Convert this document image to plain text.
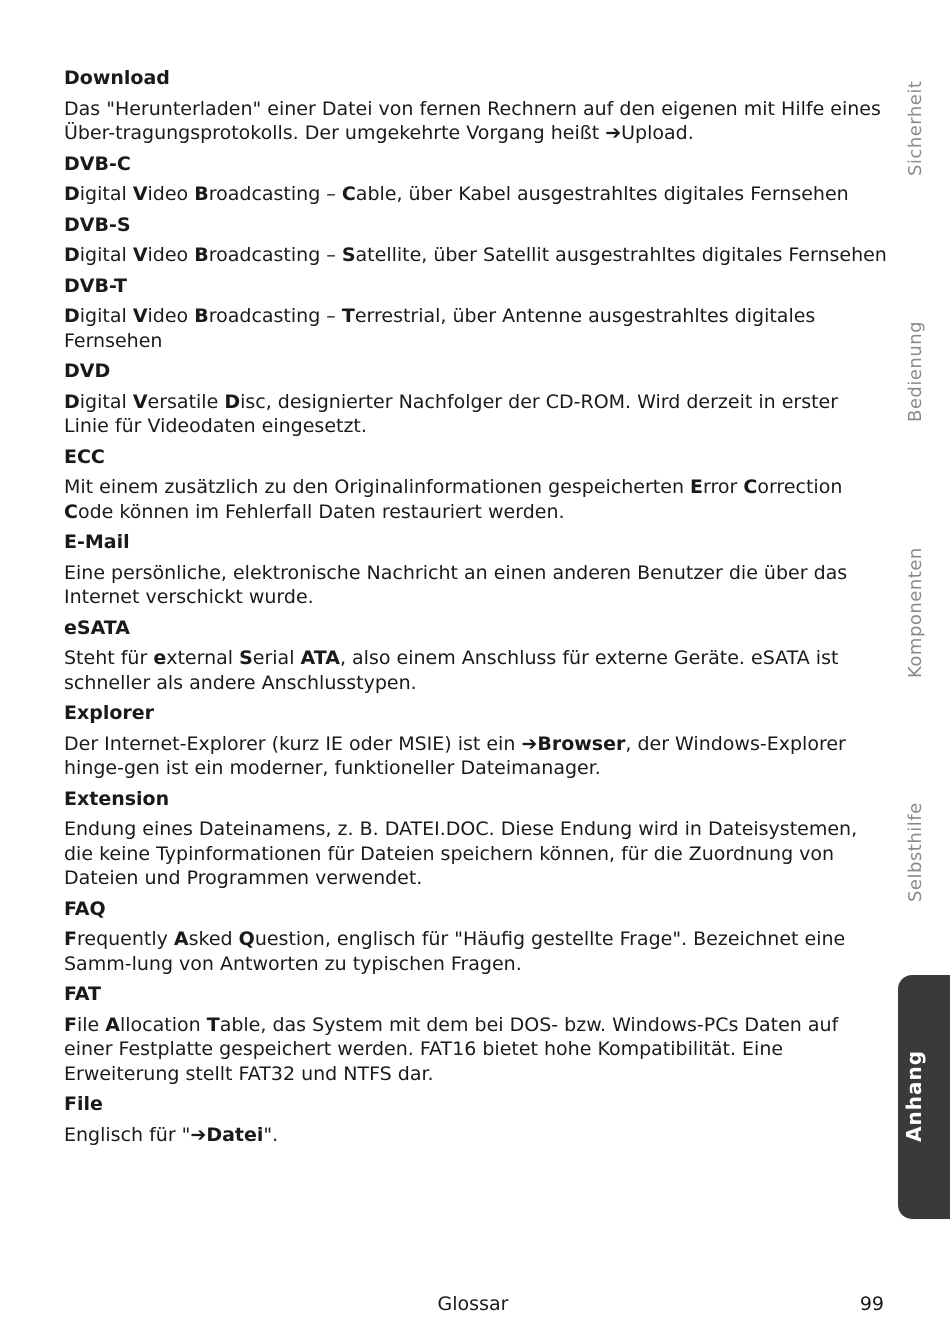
Download

Das "Herunterladen" einer Datei von fernen Rechnern auf den eigenen mit Hilfe eines Über-tragungsprotokolls. Der umgekehrte Vorgang heißt ➔Upload.

DVB-C

Digital Video Broadcasting – Cable, über Kabel ausgestrahltes digitales Fernsehen

DVB-S

Digital Video Broadcasting – Satellite, über Satellit ausgestrahltes digitales Fernsehen

DVB-T

Digital Video Broadcasting – Terrestrial, über Antenne ausgestrahltes digitales Fernsehen

DVD

Digital Versatile Disc, designierter Nachfolger der CD-ROM. Wird derzeit in erster Linie für Videodaten eingesetzt.

ECC

Mit einem zusätzlich zu den Originalinformationen gespeicherten Error Correction Code können im Fehlerfall Daten restauriert werden.

E-Mail

Eine persönliche, elektronische Nachricht an einen anderen Benutzer die über das Internet verschickt wurde.

eSATA

Steht für external Serial ATA, also einem Anschluss für externe Geräte. eSATA ist schneller als andere Anschlusstypen.

Explorer

Der Internet-Explorer (kurz IE oder MSIE) ist ein ➔Browser, der Windows-Explorer hinge-gen ist ein moderner, funktioneller Dateimanager.

Extension

Endung eines Dateinamens, z. B. DATEI.DOC. Diese Endung wird in Dateisystemen, die keine Typinformationen für Dateien speichern können, für die Zuordnung von Dateien und Programmen verwendet.

FAQ

Frequently Asked Question, englisch für "Häufig gestellte Frage". Bezeichnet eine Samm-lung von Antworten zu typischen Fragen.

FAT

File Allocation Table, das System mit dem bei DOS- bzw. Windows-PCs Daten auf einer Festplatte gespeichert werden. FAT16 bietet hohe Kompatibilität. Eine Erweiterung stellt FAT32 und NTFS dar.

File

Englisch für "➔Datei".

Sicherheit
Bedienung
Komponenten
Selbsthilfe
Anhang
Glossar	99
